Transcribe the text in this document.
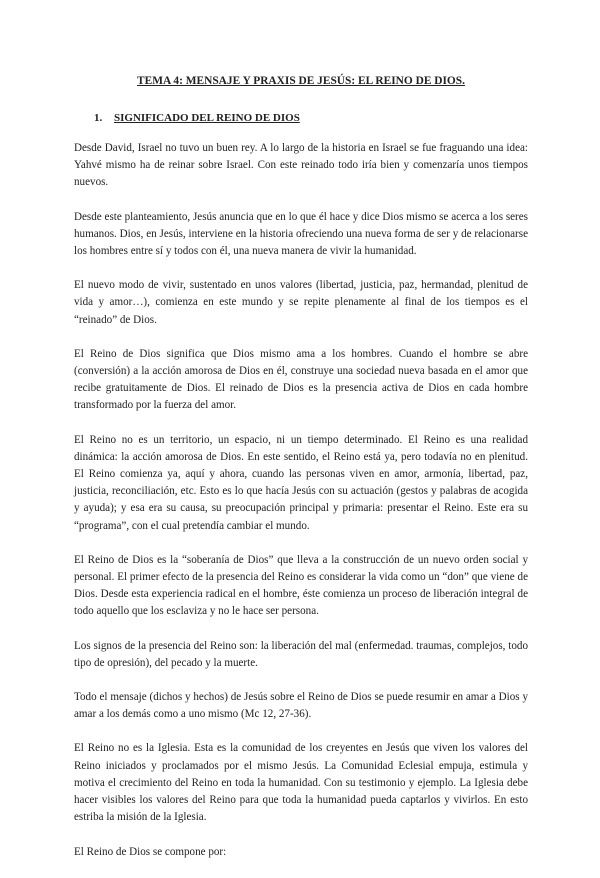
TEMA 4: MENSAJE Y PRAXIS DE JESÚS: EL REINO DE DIOS.
1. SIGNIFICADO DEL REINO DE DIOS

Desde David, Israel no tuvo un buen rey. A lo largo de la historia en Israel se fue fraguando una idea: Yahvé mismo ha de reinar sobre Israel. Con este reinado todo iría bien y comenzaría unos tiempos nuevos.

Desde este planteamiento, Jesús anuncia que en lo que él hace y dice Dios mismo se acerca a los seres humanos. Dios, en Jesús, interviene en la historia ofreciendo una nueva forma de ser y de relacionarse los hombres entre sí y todos con él, una nueva manera de vivir la humanidad.

El nuevo modo de vivir, sustentado en unos valores (libertad, justicia, paz, hermandad, plenitud de vida y amor…), comienza en este mundo y se repite plenamente al final de los tiempos es el “reinado” de Dios.

El Reino de Dios significa que Dios mismo ama a los hombres. Cuando el hombre se abre (conversión) a la acción amorosa de Dios en él, construye una sociedad nueva basada en el amor que recibe gratuitamente de Dios. El reinado de Dios es la presencia activa de Dios en cada hombre transformado por la fuerza del amor.

El Reino no es un territorio, un espacio, ni un tiempo determinado. El Reino es una realidad dinámica: la acción amorosa de Dios. En este sentido, el Reino está ya, pero todavía no en plenitud. El Reino comienza ya, aquí y ahora, cuando las personas viven en amor, armonía, libertad, paz, justicia, reconciliación, etc. Esto es lo que hacía Jesús con su actuación (gestos y palabras de acogida y ayuda); y esa era su causa, su preocupación principal y primaria: presentar el Reino. Este era su “programa”, con el cual pretendía cambiar el mundo.

El Reino de Dios es la “soberanía de Dios” que lleva a la construcción de un nuevo orden social y personal. El primer efecto de la presencia del Reino es considerar la vida como un “don” que viene de Dios. Desde esta experiencia radical en el hombre, éste comienza un proceso de liberación integral de todo aquello que los esclaviza y no le hace ser persona.

Los signos de la presencia del Reino son: la liberación del mal (enfermedad. traumas, complejos, todo tipo de opresión), del pecado y la muerte.

Todo el mensaje (dichos y hechos) de Jesús sobre el Reino de Dios se puede resumir en amar a Dios y amar a los demás como a uno mismo (Mc 12, 27-36).

El Reino no es la Iglesia. Esta es la comunidad de los creyentes en Jesús que viven los valores del Reino iniciados y proclamados por el mismo Jesús. La Comunidad Eclesial empuja, estimula y motiva el crecimiento del Reino en toda la humanidad. Con su testimonio y ejemplo. La Iglesia debe hacer visibles los valores del Reino para que toda la humanidad pueda captarlos y vivirlos. En esto estriba la misión de la Iglesia.

El Reino de Dios se compone por:
